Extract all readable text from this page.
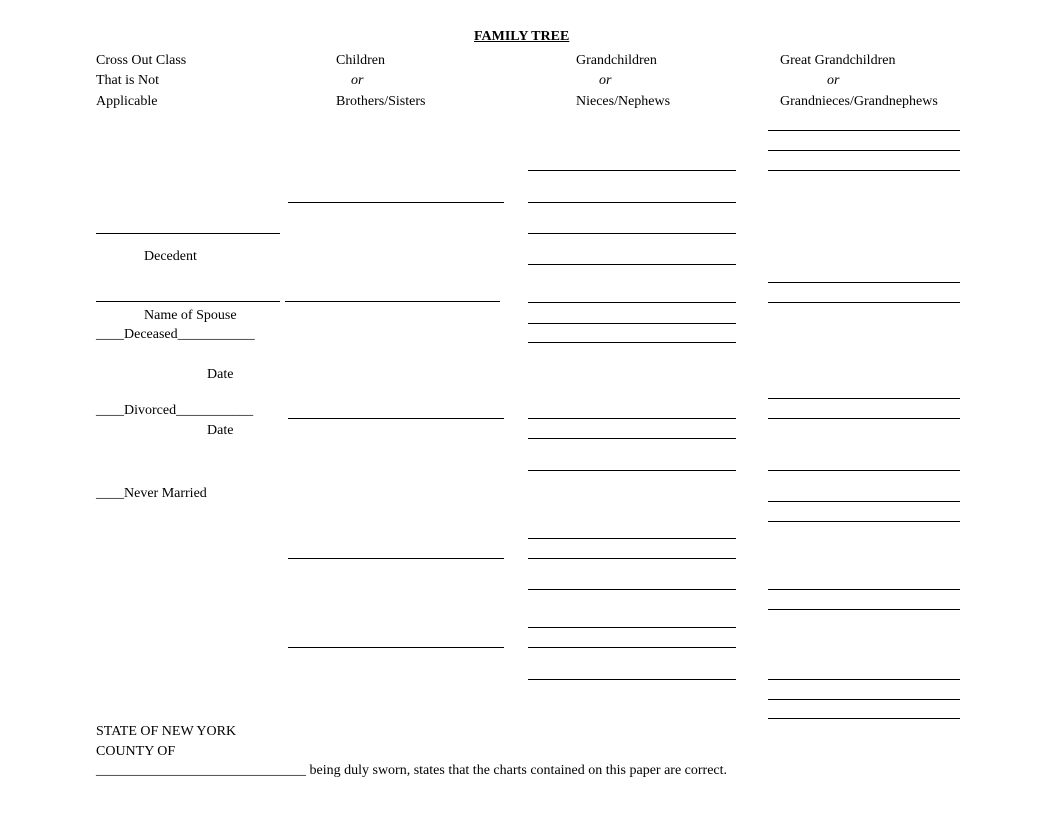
FAMILY TREE
Cross Out Class
That is Not
Applicable
Children
or
Brothers/Sisters
Grandchildren
or
Nieces/Nephews
Great Grandchildren
or
Grandnieces/Grandnephews
Decedent
Name of Spouse
____Deceased___________
Date
____Divorced___________
Date
____Never Married
STATE OF NEW YORK
COUNTY OF
______________________________ being duly sworn, states that the charts contained on this paper are correct.
